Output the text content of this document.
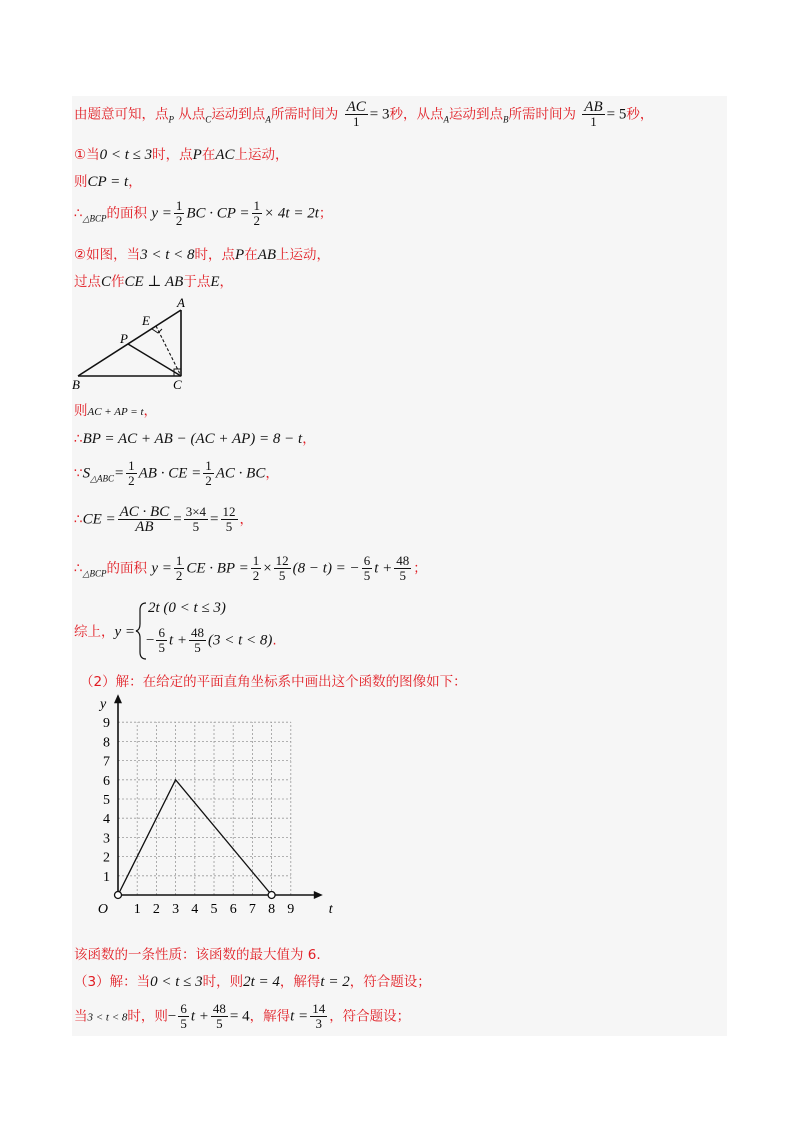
由题意可知，点$_P$ 从点$_C$运动到点$_A$所需时间为 $\frac{AC}{1} = 3$秒，从点$_A$运动到点$_B$所需时间为 $\frac{AB}{1} = 5$秒，
①当0 < t ≤ 3时，点P在AC上运动，
则CP = t，
$\therefore_{\triangle BCP}$的面积 $y = \frac{1}{2}$ BC · CP = $\frac{1}{2} \times 4t = 2t$；
②如图，当3 < t < 8时，点P在AB上运动，
过点C作CE ⊥ AB于点E，
A
E
P
B	C
则AC + AP = t，
∴BP = AC + AB − (AC + AP) = 8 − t，
$\because S_{\triangle ABC}= \frac{1}{2}$ AB · CE = $\frac{1}{2}$ AC · BC，
∴CE = $\frac{AC \cdot BC}{AB} = \frac{3\times 4}{5} = \frac{12}{5}$ ，
$\therefore_{\triangle BCP}$的面积 $y = \frac{1}{2}$ CE · BP = $\frac{1}{2} \times \frac{12}{5} (8 - t)$ = − $\frac{6}{5}$ $t + \frac{48}{5}$ ；
综上，y =
2t (0 < t ≤ 3)
− $\frac{6}{5}$ $t + \frac{48}{5} (3 < t < 8)$.
（2）解：在给定的平面直角坐标系中画出这个函数的图像如下：
1 2 3 4 5 6 7 8 9
1
2
3
4
5
6
7
8
9
O	t
y
该函数的一条性质：该函数的最大值为 6.
（3）解：当0 < t ≤ 3时，则2t = 4，解得t = 2，符合题设；
当3 < t < 8时，则− $\frac{6}{5}$ $t + \frac{48}{5} = 4$，解得$t = \frac{14}{3}$ ，符合题设；
